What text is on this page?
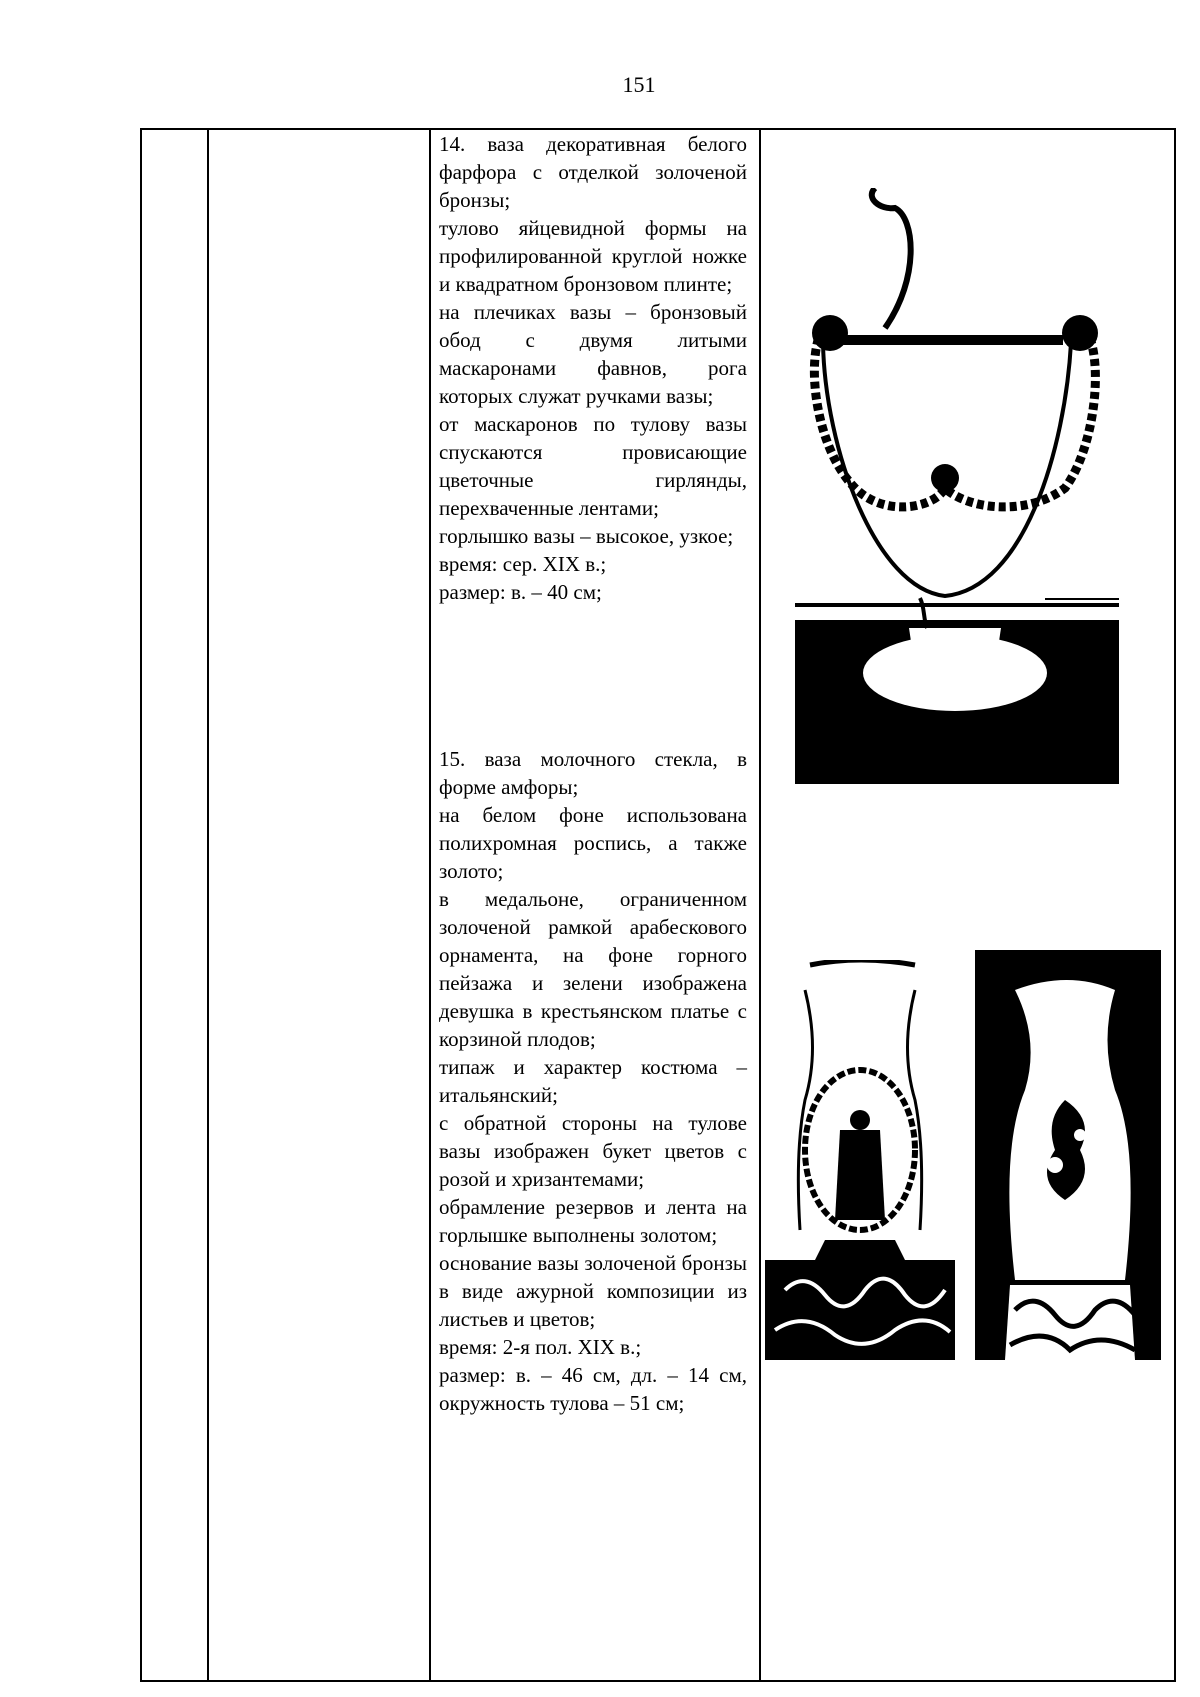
151

14. ваза декоративная белого фарфора с отделкой золоченой бронзы;

тулово яйцевидной формы на профилированной круглой ножке и квадратном бронзовом плинте;

на плечиках вазы – бронзовый обод с двумя литыми маскаронами фавнов, рога которых служат ручками вазы;

от маскаронов по тулову вазы спускаются провисающие цветочные гирлянды, перехваченные лентами;

горлышко вазы – высокое, узкое;

время: сер. XIX в.;

размер: в. – 40 см;

15. ваза молочного стекла, в форме амфоры;

на белом фоне использована полихромная роспись, а также золото;

в медальоне, ограниченном золоченой рамкой арабескового орнамента, на фоне горного пейзажа и зелени изображена девушка в крестьянском платье с корзиной плодов;

типаж и характер костюма – итальянский;

с обратной стороны на тулове вазы изображен букет цветов с розой и хризантемами;

обрамление резервов и лента на горлышке выполнены золотом;

основание вазы золоченой бронзы в виде ажурной композиции из листьев и цветов;

время: 2-я пол. XIX в.;

размер: в. – 46 см, дл. – 14 см, окружность тулова – 51 см;
